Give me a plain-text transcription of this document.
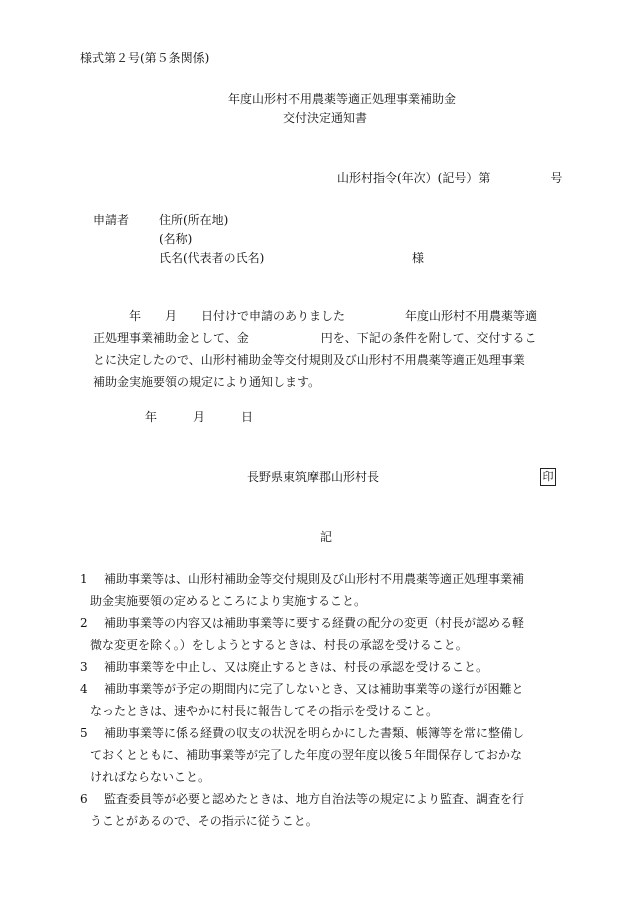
様式第２号(第５条関係)
年度山形村不用農薬等適正処理事業補助金
交付決定通知書
山形村指令(年次）(記号）第　　　　　号
申請者 住所(所在地)
(名称)
氏名(代表者の氏名)	様
　　　年　　月　　日付けで申請のありました　　　　　年度山形村不用農薬等適
正処理事業補助金として、金　　　　　　円を、下記の条件を附して、交付するこ
とに決定したので、山形村補助金等交付規則及び山形村不用農薬等適正処理事業
補助金実施要領の規定により通知します。
年　　　月　　　日
長野県東筑摩郡山形村長	印
記
1	補助事業等は、山形村補助金等交付規則及び山形村不用農薬等適正処理事業補
助金実施要領の定めるところにより実施すること。
2	補助事業等の内容又は補助事業等に要する経費の配分の変更（村長が認める軽
微な変更を除く。）をしようとするときは、村長の承認を受けること。
3	補助事業等を中止し、又は廃止するときは、村長の承認を受けること。
4	補助事業等が予定の期間内に完了しないとき、又は補助事業等の遂行が困難と
なったときは、速やかに村長に報告してその指示を受けること。
5	補助事業等に係る経費の収支の状況を明らかにした書類、帳簿等を常に整備し
ておくとともに、補助事業等が完了した年度の翌年度以後５年間保存しておかな
ければならないこと。
6	監査委員等が必要と認めたときは、地方自治法等の規定により監査、調査を行
うことがあるので、その指示に従うこと。
